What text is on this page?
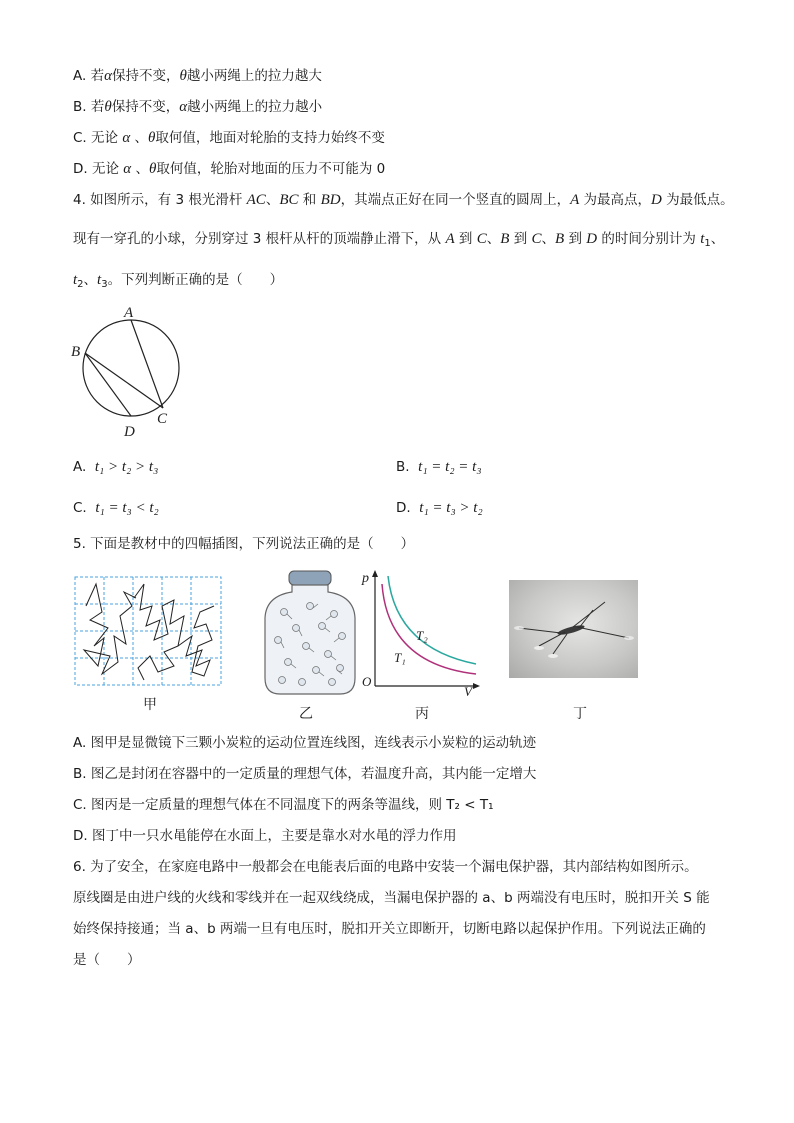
A. 若α保持不变，θ越小两绳上的拉力越大
B. 若θ保持不变，α越小两绳上的拉力越小
C. 无论 α 、θ取何值，地面对轮胎的支持力始终不变
D. 无论 α 、θ取何值，轮胎对地面的压力不可能为 0
4. 如图所示，有 3 根光滑杆 AC、BC 和 BD，其端点正好在同一个竖直的圆周上，A 为最高点，D 为最低点。
现有一穿孔的小球，分别穿过 3 根杆从杆的顶端静止滑下，从 A 到 C、B 到 C、B 到 D 的时间分别计为 $t_1$、
$t_2$、$t_3$。下列判断正确的是（　　）
A
B
C
D
A. t₁ > t₂ > t₃	B. t₁ = t₂ = t₃
C. t₁ = t₃ < t₂	D. t₁ = t₃ > t₂
5. 下面是教材中的四幅插图，下列说法正确的是（　　）
甲
乙
p
O
V
T₂
T₁
丙	丁
A. 图甲是显微镜下三颗小炭粒的运动位置连线图，连线表示小炭粒的运动轨迹
B. 图乙是封闭在容器中的一定质量的理想气体，若温度升高，其内能一定增大
C. 图丙是一定质量的理想气体在不同温度下的两条等温线，则 T₂ < T₁
D. 图丁中一只水黾能停在水面上，主要是靠水对水黾的浮力作用
6. 为了安全，在家庭电路中一般都会在电能表后面的电路中安装一个漏电保护器，其内部结构如图所示。
原线圈是由进户线的火线和零线并在一起双线绕成，当漏电保护器的 a、b 两端没有电压时，脱扣开关 S 能
始终保持接通；当 a、b 两端一旦有电压时，脱扣开关立即断开，切断电路以起保护作用。下列说法正确的
是（　　）
